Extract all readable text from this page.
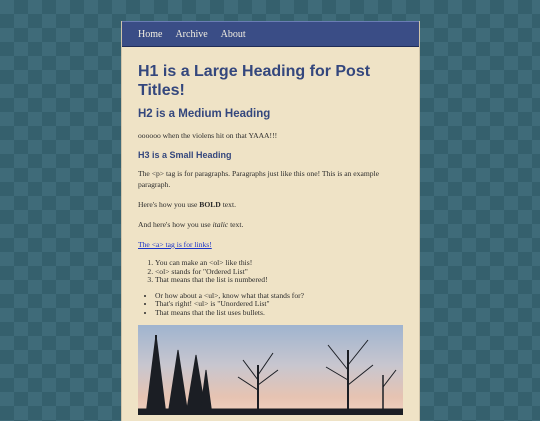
Home Archive About
H1 is a Large Heading for Post Titles!
H2 is a Medium Heading

oooooo when the violens hit on that YAAA!!!

H3 is a Small Heading

The <p> tag is for paragraphs. Paragraphs just like this one! This is an example paragraph.

Here's how you use BOLD text.

And here's how you use italic text.

The <a> tag is for links!

1. You can make an <ol> like this!
2. <ol> stands for "Ordered List"
3. That means that the list is numbered!
• Or how about a <ul>, know what that stands for?
• That's right! <ul> is "Unordered List"
• That means that the list uses bullets.
